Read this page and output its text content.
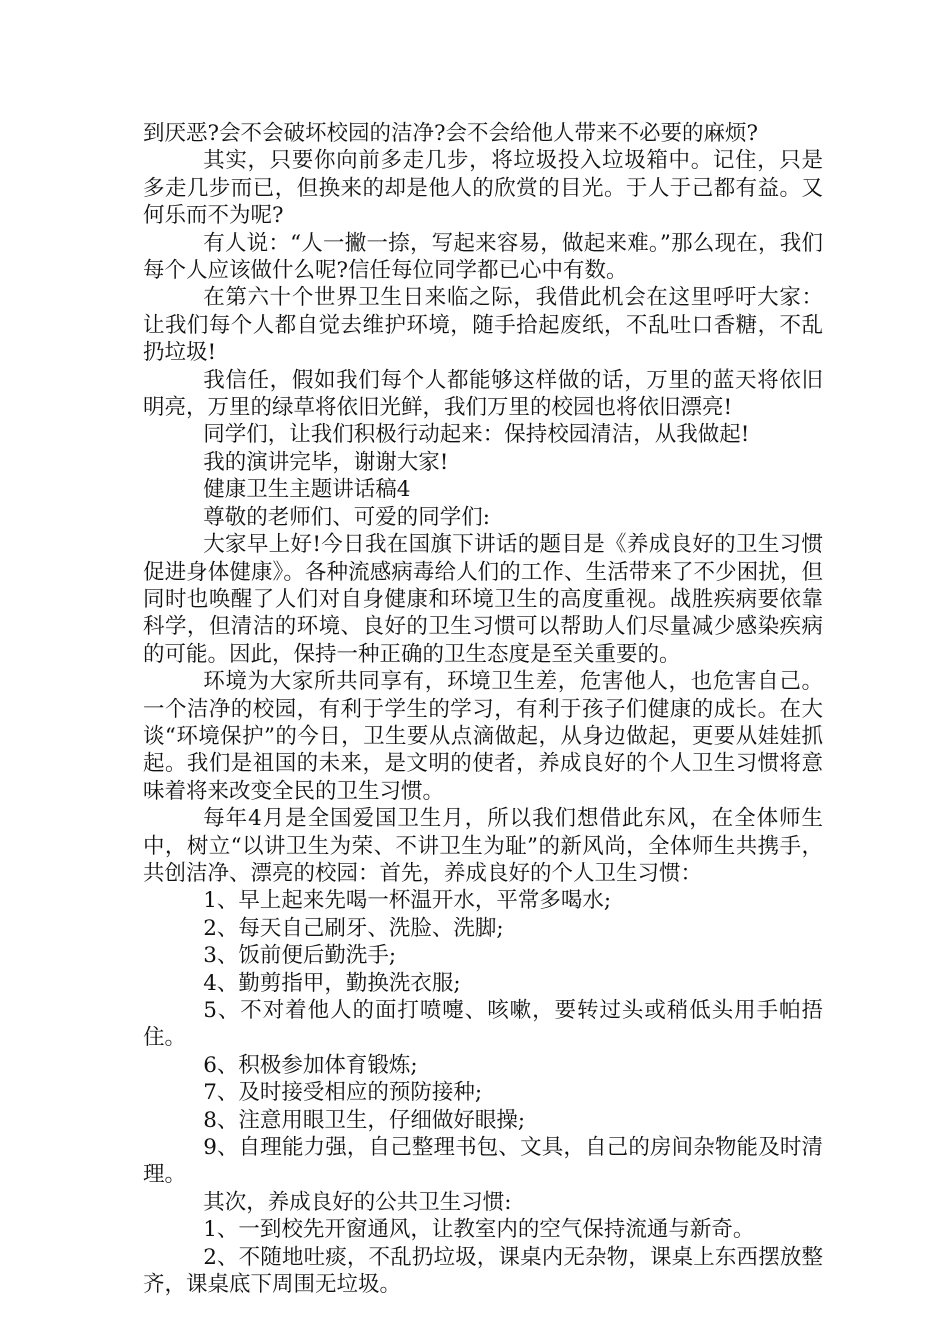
到厌恶?会不会破坏校园的洁净?会不会给他人带来不必要的麻烦?

其实，只要你向前多走几步，将垃圾投入垃圾箱中。记住，只是多走几步而已，但换来的却是他人的欣赏的目光。于人于己都有益。又何乐而不为呢?

有人说：“人一撇一捺，写起来容易，做起来难。”那么现在，我们每个人应该做什么呢?信任每位同学都已心中有数。

在第六十个世界卫生日来临之际，我借此机会在这里呼吁大家：让我们每个人都自觉去维护环境，随手拾起废纸，不乱吐口香糖，不乱扔垃圾!

我信任，假如我们每个人都能够这样做的话，万里的蓝天将依旧明亮，万里的绿草将依旧光鲜，我们万里的校园也将依旧漂亮!

同学们，让我们积极行动起来：保持校园清洁，从我做起!

我的演讲完毕，谢谢大家!

健康卫生主题讲话稿4

尊敬的老师们、可爱的同学们:

大家早上好!今日我在国旗下讲话的题目是《养成良好的卫生习惯促进身体健康》。各种流感病毒给人们的工作、生活带来了不少困扰，但同时也唤醒了人们对自身健康和环境卫生的高度重视。战胜疾病要依靠科学，但清洁的环境、良好的卫生习惯可以帮助人们尽量减少感染疾病的可能。因此，保持一种正确的卫生态度是至关重要的。

环境为大家所共同享有，环境卫生差，危害他人，也危害自己。一个洁净的校园，有利于学生的学习，有利于孩子们健康的成长。在大谈“环境保护”的今日，卫生要从点滴做起，从身边做起，更要从娃娃抓起。我们是祖国的未来，是文明的使者，养成良好的个人卫生习惯将意味着将来改变全民的卫生习惯。

每年4月是全国爱国卫生月，所以我们想借此东风，在全体师生中，树立“以讲卫生为荣、不讲卫生为耻”的新风尚，全体师生共携手，共创洁净、漂亮的校园：首先，养成良好的个人卫生习惯：

1、早上起来先喝一杯温开水，平常多喝水;

2、每天自己刷牙、洗脸、洗脚;

3、饭前便后勤洗手;

4、勤剪指甲，勤换洗衣服;

5、不对着他人的面打喷嚏、咳嗽，要转过头或稍低头用手帕捂住。

6、积极参加体育锻炼;

7、及时接受相应的预防接种;

8、注意用眼卫生，仔细做好眼操;

9、自理能力强，自己整理书包、文具，自己的房间杂物能及时清理。

其次，养成良好的公共卫生习惯:

1、一到校先开窗通风，让教室内的空气保持流通与新奇。

2、不随地吐痰，不乱扔垃圾，课桌内无杂物，课桌上东西摆放整齐，课桌底下周围无垃圾。
